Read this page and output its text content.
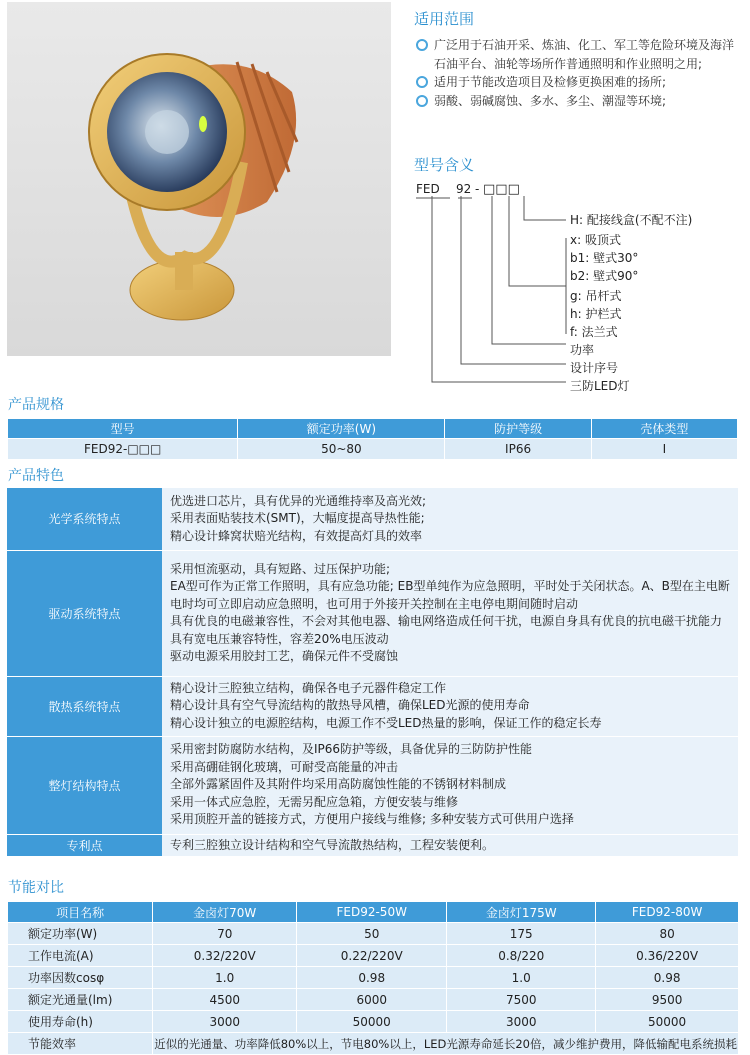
适用范围
广泛用于石油开采、炼油、化工、军工等危险环境及海洋石油平台、油轮等场所作普通照明和作业照明之用;
适用于节能改造项目及检修更换困难的扬所;
弱酸、弱碱腐蚀、多水、多尘、潮湿等环境;
型号含义
FED 92 - □□□
H: 配接线盒(不配不注)
x: 吸顶式
b1: 壁式30°
b2: 壁式90°
g: 吊杆式
h: 护栏式
f: 法兰式
功率
设计序号
三防LED灯
产品规格
型号	额定功率(W)	防护等级	壳体类型
FED92-□□□	50~80	IP66	I
产品特色
光学系统特点	优选进口芯片，具有优异的光通维持率及高光效;
采用表面贴装技术(SMT)，大幅度提高导热性能;
精心设计蜂窝状赔光结构，有效提高灯具的效率

驱动系统特点	采用恒流驱动，具有短路、过压保护功能;
EA型可作为正常工作照明，具有应急功能; EB型单纯作为应急照明，平时处于关闭状态。A、B型在主电断电时均可立即启动应急照明，也可用于外接开关控制在主电停电期间随时启动
具有优良的电磁兼容性，不会对其他电器、输电网络造成任何干扰，电源自身具有优良的抗电磁干扰能力
具有宽电压兼容特性，容差20%电压波动
驱动电源采用胶封工艺，确保元件不受腐蚀

散热系统特点	精心设计三腔独立结构，确保各电子元器件稳定工作
精心设计具有空气导流结构的散热导风槽，确保LED光源的使用寿命
精心设计独立的电源腔结构，电源工作不受LED热量的影响，保证工作的稳定长寿

整灯结构特点	采用密封防腐防水结构，及IP66防护等级，具备优异的三防防护性能
采用高硼硅钢化玻璃，可耐受高能量的冲击
全部外露紧固件及其附件均采用高防腐蚀性能的不锈钢材料制成
采用一体式应急腔，无需另配应急箱，方便安装与维修
采用顶腔开盖的链接方式，方便用户接线与维修; 多种安装方式可供用户选择

专利点	专利三腔独立设计结构和空气导流散热结构，工程安装便利。
节能对比
项目名称	金卤灯70W	FED92-50W	金卤灯175W	FED92-80W
额定功率(W)	70	50	175	80
工作电流(A)	0.32/220V	0.22/220V	0.8/220	0.36/220V
功率因数cosφ	1.0	0.98	1.0	0.98
额定光通量(lm)	4500	6000	7500	9500
使用寿命(h)	3000	50000	3000	50000
节能效率	近似的光通量、功率降低80%以上，节电80%以上，LED光源寿命延长20倍，减少维护费用，降低输配电系统损耗			
